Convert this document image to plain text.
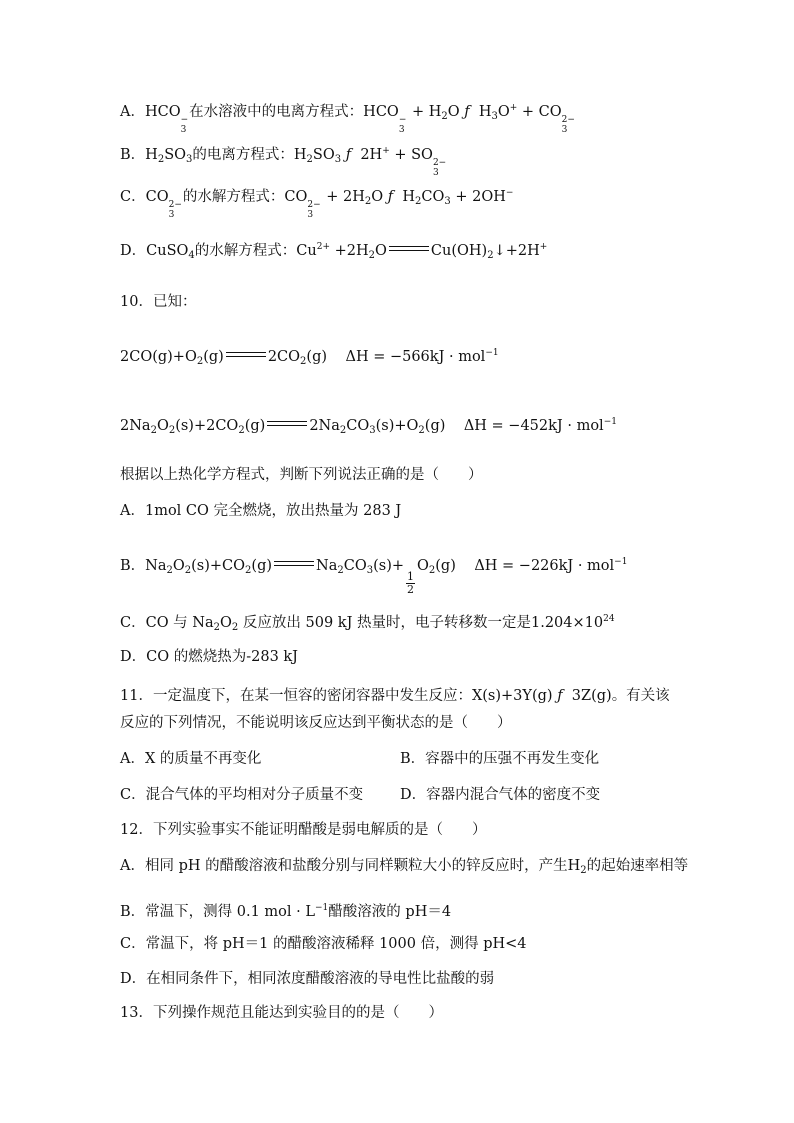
A．HCO −
3
在水溶液中的电离方程式：HCO −
3
+ $H_2O$ ƒ  $H_3O^+$ + CO 2−
3
B．$H_2SO_3$的电离方程式：$H_2SO_3$ ƒ  2H+ + SO 2−
3
C．CO 2−
3
的水解方程式：CO 2−
3
+ $2H_2O$ ƒ  $H_2CO_3 + 2OH^-$
D．CuSO$_4$的水解方程式：$Cu^{2+} +2H_2O$	$Cu(OH)_2↓+2H^+$
10．已知：
$2CO(g)+O_2(g)$	$2CO_2(g)$    ΔH = −566kJ · mol$^{-1}$
$2Na_2O_2(s)+2CO_2(g)$	$2Na_2CO_3(s)+O_2(g)$    ΔH = −452kJ · mol$^{-1}$
根据以上热化学方程式，判断下列说法正确的是（　　）
A．1mol CO 完全燃烧，放出热量为 283 J
B．$Na_2O_2(s)+CO_2(g)$	$Na_2CO_3(s)+$
$\frac{1}{2}$
$O_2(g)$    ΔH = −226kJ · mol$^{-1}$
C．CO 与 $Na_2O_2$ 反应放出 509 kJ 热量时，电子转移数一定是$1.204\times 10^{24}$
D．CO 的燃烧热为-283 kJ
11．一定温度下，在某一恒容的密闭容器中发生反应：X(s)+3Y(g) ƒ  3Z(g)。有关该
反应的下列情况，不能说明该反应达到平衡状态的是（　　）
A．X 的质量不再变化	B．容器中的压强不再发生变化
C．混合气体的平均相对分子质量不变	D．容器内混合气体的密度不变
12．下列实验事实不能证明醋酸是弱电解质的是（　　）
A．相同 pH 的醋酸溶液和盐酸分别与同样颗粒大小的锌反应时，产生$H_2$的起始速率相等
B．常温下，测得 0.1 mol · $L^{-1}$醋酸溶液的 pH＝4
C．常温下，将 pH＝1 的醋酸溶液稀释 1000 倍，测得 pH<4
D．在相同条件下，相同浓度醋酸溶液的导电性比盐酸的弱
13．下列操作规范且能达到实验目的的是（　　）
